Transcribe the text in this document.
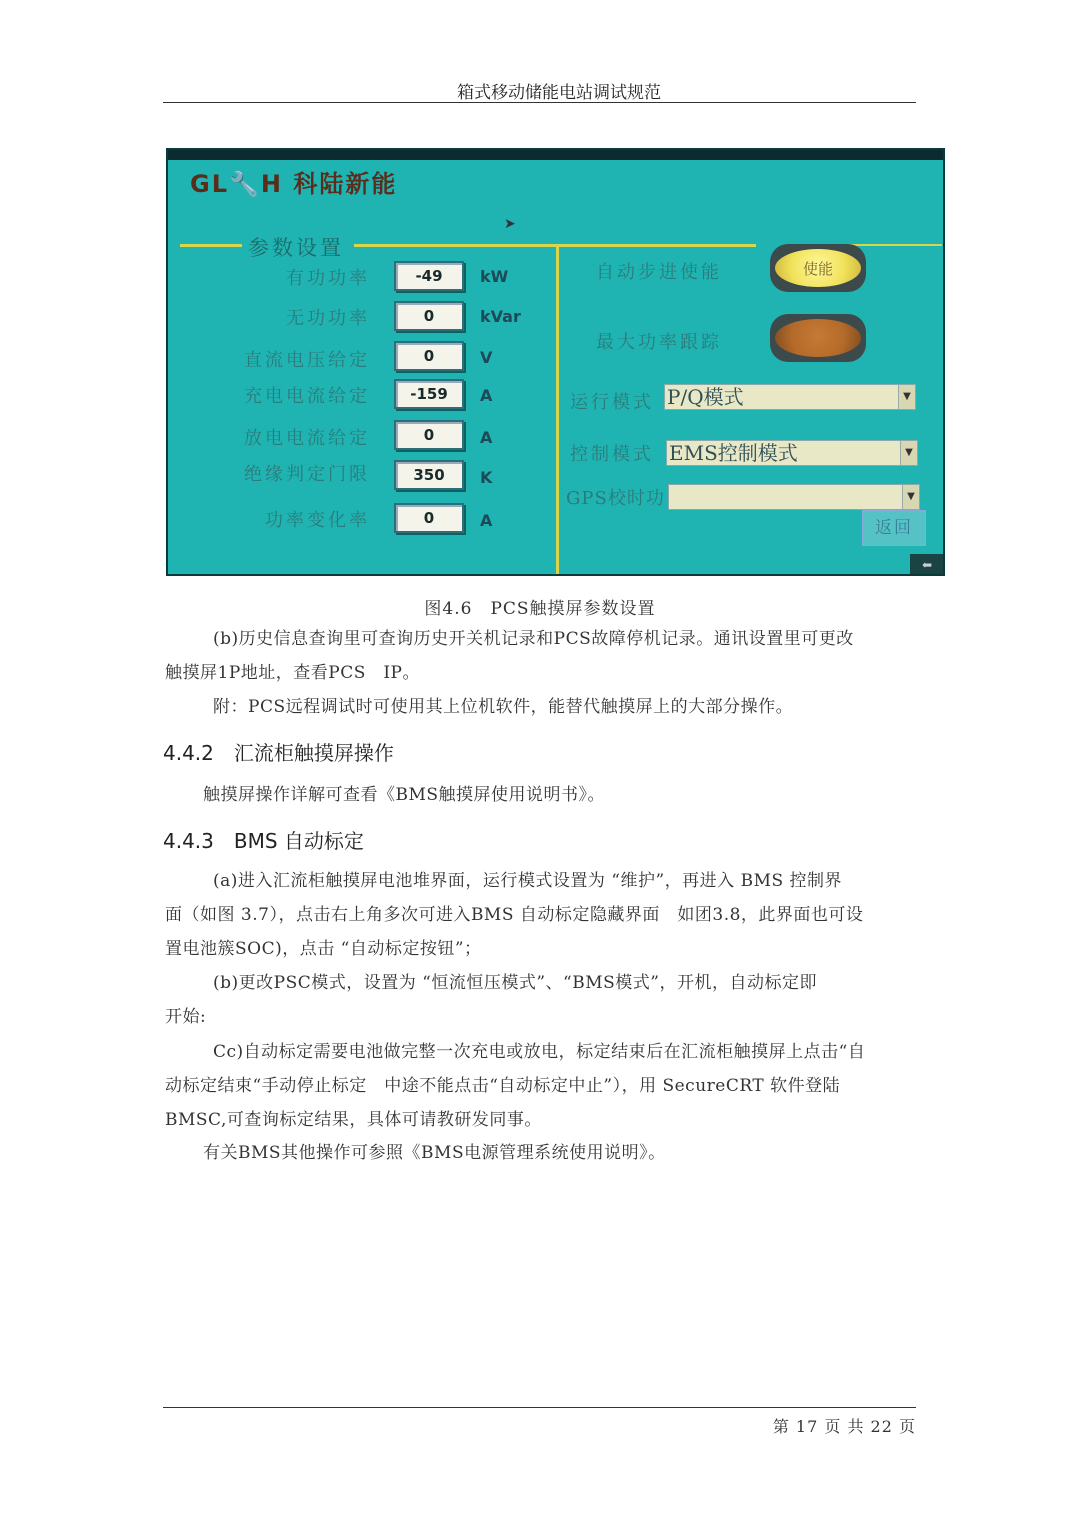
箱式移动储能电站调试规范
GL🔧H 科陆新能
➤
参数设置
有功功率	-49	kW
无功功率	0	kVar
直流电压给定	0	V
充电电流给定	-159	A
放电电流给定	0	A
绝缘判定门限	350	K
功率变化率	0	A
自动步进使能	使能
最大功率跟踪
运行模式 P/Q模式	▼
控制模式 EMS控制模式	▼
GPS校时功	▼
返回
⬅
图4.6　PCS触摸屏参数设置
(b)历史信息查询里可查询历史开关机记录和PCS故障停机记录。通讯设置里可更改
触摸屏1P地址，查看PCS　IP。
附：PCS远程调试时可使用其上位机软件，能替代触摸屏上的大部分操作。
4.4.2　汇流柜触摸屏操作
触摸屏操作详解可查看《BMS触摸屏使用说明书》。
4.4.3　BMS 自动标定
(a)进入汇流柜触摸屏电池堆界面，运行模式设置为 “维护”，再进入 BMS 控制界
面（如图 3.7），点击右上角多次可进入BMS 自动标定隐藏界面　如团3.8，此界面也可设
置电池簇SOC)，点击 “自动标定按钮”；
(b)更改PSC模式，设置为 “恒流恒压模式”、“BMS模式”，开机，自动标定即
开始:
Cc)自动标定需要电池做完整一次充电或放电，标定结束后在汇流柜触摸屏上点击“自
动标定结束“手动停止标定　中途不能点击“自动标定中止”），用 SecureCRT 软件登陆
BMSC,可查询标定结果，具体可请教研发同事。
有关BMS其他操作可参照《BMS电源管理系统使用说明》。
第 17 页 共 22 页
